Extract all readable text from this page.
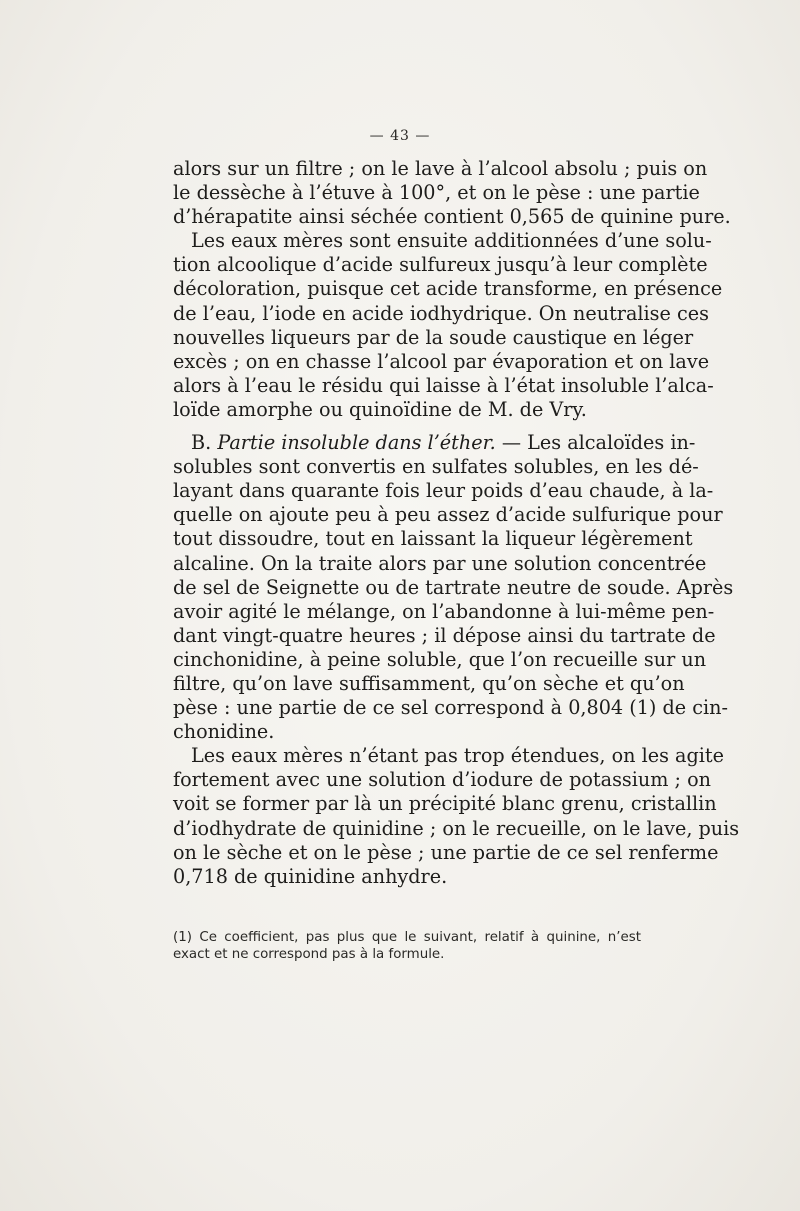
— 43 —

alors sur un filtre ; on le lave à l’alcool absolu ; puis on
le dessèche à l’étuve à 100°, et on le pèse : une partie
d’hérapatite ainsi séchée contient 0,565 de quinine pure.

Les eaux mères sont ensuite additionnées d’une solu-
tion alcoolique d’acide sulfureux jusqu’à leur complète
décoloration, puisque cet acide transforme, en présence
de l’eau, l’iode en acide iodhydrique. On neutralise ces
nouvelles liqueurs par de la soude caustique en léger
excès ; on en chasse l’alcool par évaporation et on lave
alors à l’eau le résidu qui laisse à l’état insoluble l’alca-
loïde amorphe ou quinoïdine de M. de Vry.

B. Partie insoluble dans l’éther. — Les alcaloïdes in-
solubles sont convertis en sulfates solubles, en les dé-
layant dans quarante fois leur poids d’eau chaude, à la-
quelle on ajoute peu à peu assez d’acide sulfurique pour
tout dissoudre, tout en laissant la liqueur légèrement
alcaline. On la traite alors par une solution concentrée
de sel de Seignette ou de tartrate neutre de soude. Après
avoir agité le mélange, on l’abandonne à lui-même pen-
dant vingt-quatre heures ; il dépose ainsi du tartrate de
cinchonidine, à peine soluble, que l’on recueille sur un
filtre, qu’on lave suffisamment, qu’on sèche et qu’on
pèse : une partie de ce sel correspond à 0,804 (1) de cin-
chonidine.

Les eaux mères n’étant pas trop étendues, on les agite
fortement avec une solution d’iodure de potassium ; on
voit se former par là un précipité blanc grenu, cristallin
d’iodhydrate de quinidine ; on le recueille, on le lave, puis
on le sèche et on le pèse ; une partie de ce sel renferme
0,718 de quinidine anhydre.

(1) Ce coefficient, pas plus que le suivant, relatif à quinine, n’est
exact et ne correspond pas à la formule.
